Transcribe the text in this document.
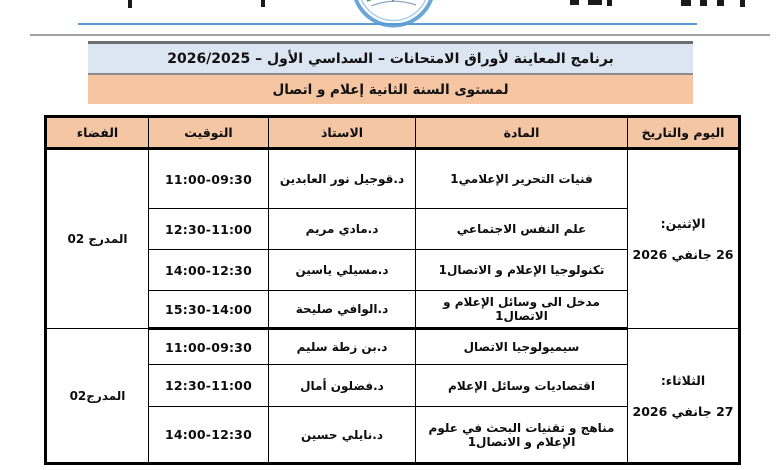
برنامج المعاينة لأوراق الامتحانات – السداسي الأول – 2026/2025
لمستوى السنة الثانية إعلام و اتصال
اليوم والتاريخ	المادة	الاستاذ	التوقيت	الفضاء

الإثنين:
26 جانفي 2026	فنيات التحرير الإعلامي1	د.قوجيل نور العابدين	11:00-09:30	المدرج 02
	علم النفس الاجتماعي	د.مادي مريم	12:30-11:00	
	تكنولوجيا الإعلام و الاتصال1	د.مسيلي ياسين	14:00-12:30	
	مدخل الى وسائل الإعلام و الاتصال1	د.الوافي صليحة	15:30-14:00	

الثلاثاء:
27 جانفي 2026	سيميولوجيا الاتصال	د.بن زطة سليم	11:00-09:30	المدرج02
	اقتصاديات وسائل الإعلام	د.فضلون أمال	12:30-11:00	
	مناهج و تقنيات البحث في علوم الإعلام و الاتصال1	د.نايلي حسين	14:00-12:30	
